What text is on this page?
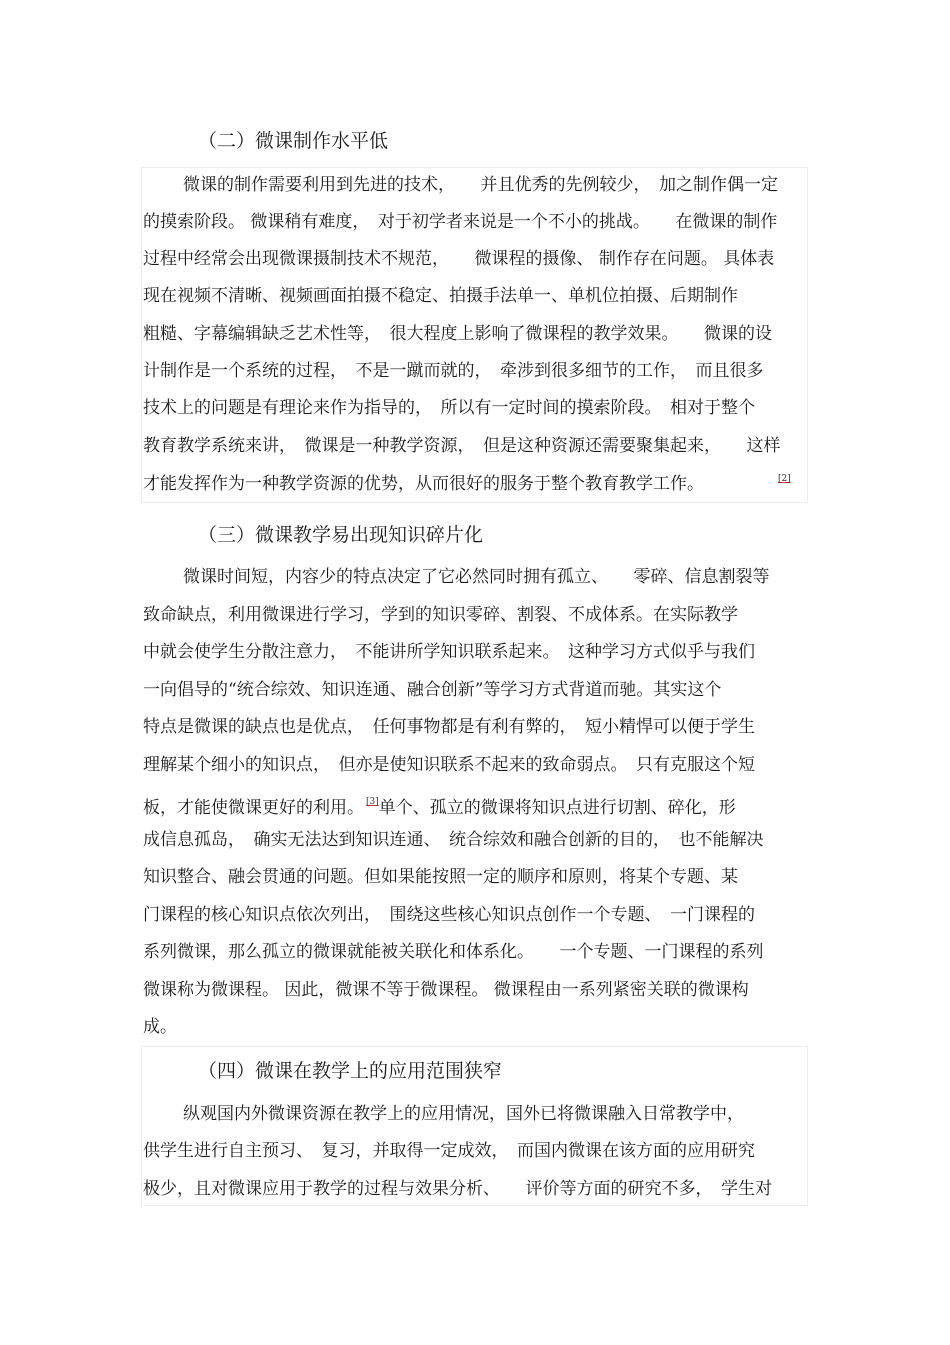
（二）微课制作水平低
微课的制作需要利用到先进的技术，　　并且优秀的先例较少，　加之制作偶一定
的摸索阶段。 微课稍有难度，　对于初学者来说是一个不小的挑战。　　在微课的制作
过程中经常会出现微课摄制技术不规范，　　微课程的摄像、 制作存在问题。 具体表
现在视频不清晰、视频画面拍摄不稳定、拍摄手法单一、单机位拍摄、后期制作
粗糙、字幕编辑缺乏艺术性等，　很大程度上影响了微课程的教学效果。　　微课的设
计制作是一个系统的过程，　不是一蹴而就的，　牵涉到很多细节的工作，　而且很多
技术上的问题是有理论来作为指导的，　所以有一定时间的摸索阶段。　相对于整个
教育教学系统来讲，　微课是一种教学资源，　但是这种资源还需要聚集起来，　　这样
才能发挥作为一种教学资源的优势，从而很好的服务于整个教育教学工作。	[2]
（三）微课教学易出现知识碎片化
微课时间短，内容少的特点决定了它必然同时拥有孤立、　　零碎、信息割裂等
致命缺点，利用微课进行学习，学到的知识零碎、割裂、不成体系。在实际教学
中就会使学生分散注意力，　不能讲所学知识联系起来。　这种学习方式似乎与我们
一向倡导的“统合综效、知识连通、融合创新”等学习方式背道而驰。其实这个
特点是微课的缺点也是优点，　任何事物都是有利有弊的，　短小精悍可以便于学生
理解某个细小的知识点，　但亦是使知识联系不起来的致命弱点。　只有克服这个短
板，才能使微课更好的利用。 [3]单个、孤立的微课将知识点进行切割、碎化，形
成信息孤岛，　确实无法达到知识连通、　统合综效和融合创新的目的，　也不能解决
知识整合、融会贯通的问题。但如果能按照一定的顺序和原则，将某个专题、某
门课程的核心知识点依次列出，　围绕这些核心知识点创作一个专题、　一门课程的
系列微课，那么孤立的微课就能被关联化和体系化。　　一个专题、一门课程的系列
微课称为微课程。 因此，微课不等于微课程。 微课程由一系列紧密关联的微课构
成。
（四）微课在教学上的应用范围狭窄
纵观国内外微课资源在教学上的应用情况，国外已将微课融入日常教学中，
供学生进行自主预习、　复习，并取得一定成效，　而国内微课在该方面的应用研究
极少，且对微课应用于教学的过程与效果分析、　　评价等方面的研究不多，　学生对
